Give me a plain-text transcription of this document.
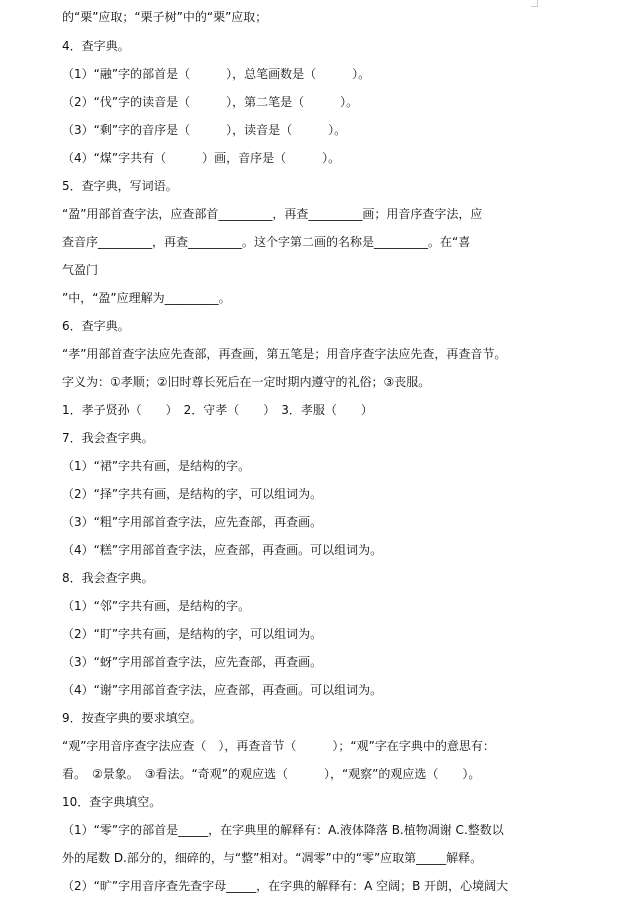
的“栗”应取；“栗子树”中的“栗”应取；
4．查字典。
（1）“融”字的部首是（　　　），总笔画数是（　　　）。
（2）“伐”字的读音是（　　　），第二笔是（　　　）。
（3）“剩”字的音序是（　　　），读音是（　　　）。
（4）“煤”字共有（　　　）画，音序是（　　　）。
5．查字典，写词语。
“盈”用部首查字法，应查部首_________，再查_________画；用音序查字法，应
查音序_________，再查_________。这个字第二画的名称是_________。在“喜
气盈门
”中，“盈”应理解为_________。
6．查字典。
“孝”用部首查字法应先查部，再查画，第五笔是；用音序查字法应先查，再查音节。
字义为：①孝顺；②旧时尊长死后在一定时期内遵守的礼俗；③丧服。
1．孝子贤孙（　　）　2．守孝（　　）　3．孝服（　　）
7．我会查字典。
（1）“裙”字共有画，是结构的字。
（2）“择”字共有画，是结构的字，可以组词为。
（3）“粗”字用部首查字法，应先查部，再查画。
（4）“糕”字用部首查字法，应查部，再查画。可以组词为。
8．我会查字典。
（1）“邻”字共有画，是结构的字。
（2）“盯”字共有画，是结构的字，可以组词为。
（3）“蚜”字用部首查字法，应先查部，再查画。
（4）“谢”字用部首查字法，应查部，再查画。可以组词为。
9．按查字典的要求填空。
“观”字用音序查字法应查（　），再查音节（　　　）；“观”字在字典中的意思有：
看。　②景象。　③看法。“奇观”的观应选（　　　），“观察”的观应选（　　）。
10．查字典填空。
（1）“零”字的部首是_____，在字典里的解释有：A.液体降落 B.植物凋谢 C.整数以
外的尾数 D.部分的，细碎的，与“整”相对。“凋零”中的“零”应取第_____解释。
（2）“旷”字用音序查先查字母_____，在字典的解释有：A 空阔；B 开朗，心境阔大
